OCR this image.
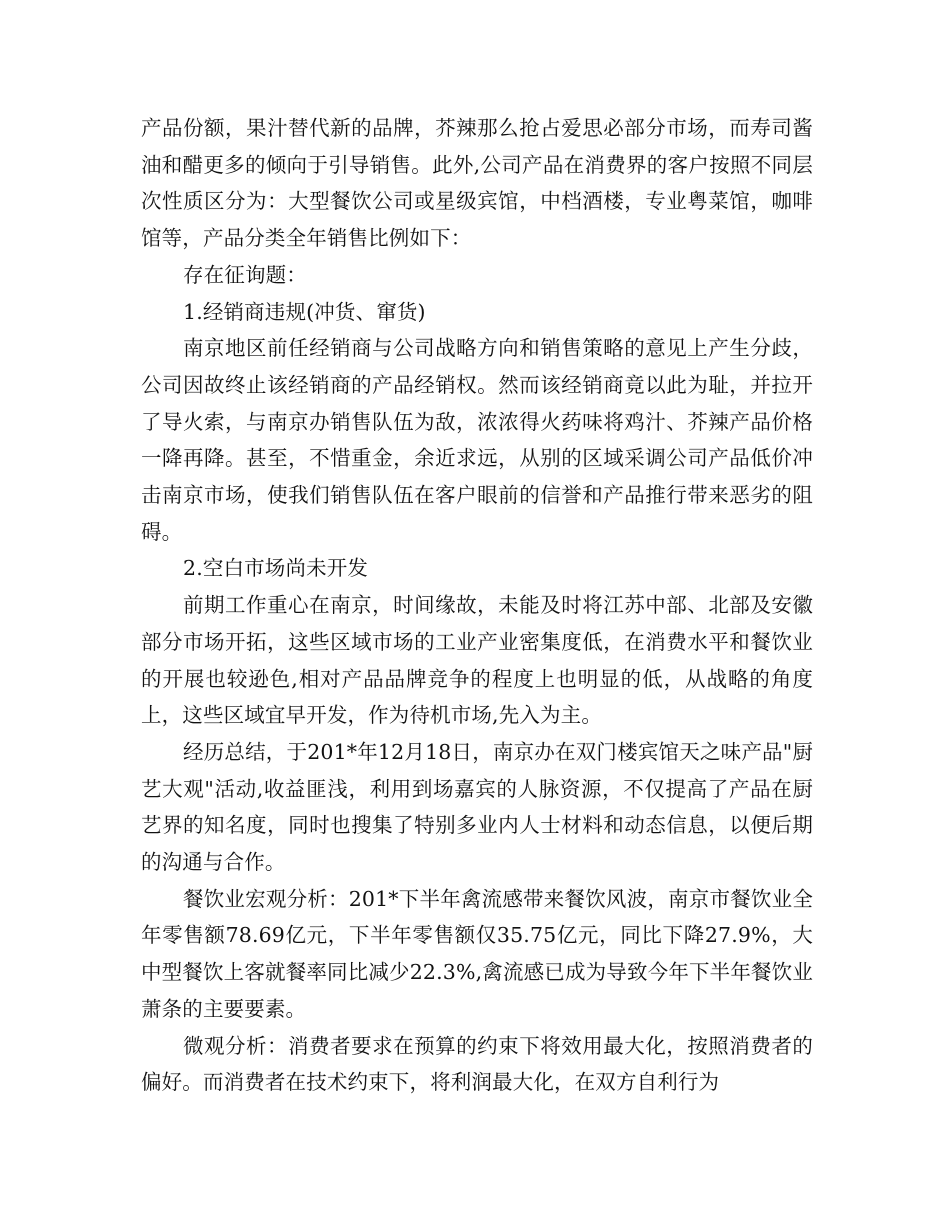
产品份额，果汁替代新的品牌，芥辣那么抢占爱思必部分市场，而寿司酱油和醋更多的倾向于引导销售。此外,公司产品在消费界的客户按照不同层次性质区分为：大型餐饮公司或星级宾馆，中档酒楼，专业粤菜馆，咖啡馆等，产品分类全年销售比例如下：

存在征询题：

1.经销商违规(冲货、窜货)

南京地区前任经销商与公司战略方向和销售策略的意见上产生分歧，公司因故终止该经销商的产品经销权。然而该经销商竟以此为耻，并拉开了导火索，与南京办销售队伍为敌，浓浓得火药味将鸡汁、芥辣产品价格一降再降。甚至，不惜重金，余近求远，从别的区域采调公司产品低价冲击南京市场，使我们销售队伍在客户眼前的信誉和产品推行带来恶劣的阻碍。

2.空白市场尚未开发

前期工作重心在南京，时间缘故，未能及时将江苏中部、北部及安徽部分市场开拓，这些区域市场的工业产业密集度低，在消费水平和餐饮业的开展也较逊色,相对产品品牌竞争的程度上也明显的低，从战略的角度上，这些区域宜早开发，作为待机市场,先入为主。

经历总结，于201*年12月18日，南京办在双门楼宾馆天之味产品"厨艺大观"活动,收益匪浅，利用到场嘉宾的人脉资源，不仅提高了产品在厨艺界的知名度，同时也搜集了特别多业内人士材料和动态信息，以便后期的沟通与合作。

餐饮业宏观分析：201*下半年禽流感带来餐饮风波，南京市餐饮业全年零售额78.69亿元，下半年零售额仅35.75亿元，同比下降27.9%，大中型餐饮上客就餐率同比减少22.3%,禽流感已成为导致今年下半年餐饮业萧条的主要要素。

微观分析：消费者要求在预算的约束下将效用最大化，按照消费者的偏好。而消费者在技术约束下，将利润最大化，在双方自利行为
